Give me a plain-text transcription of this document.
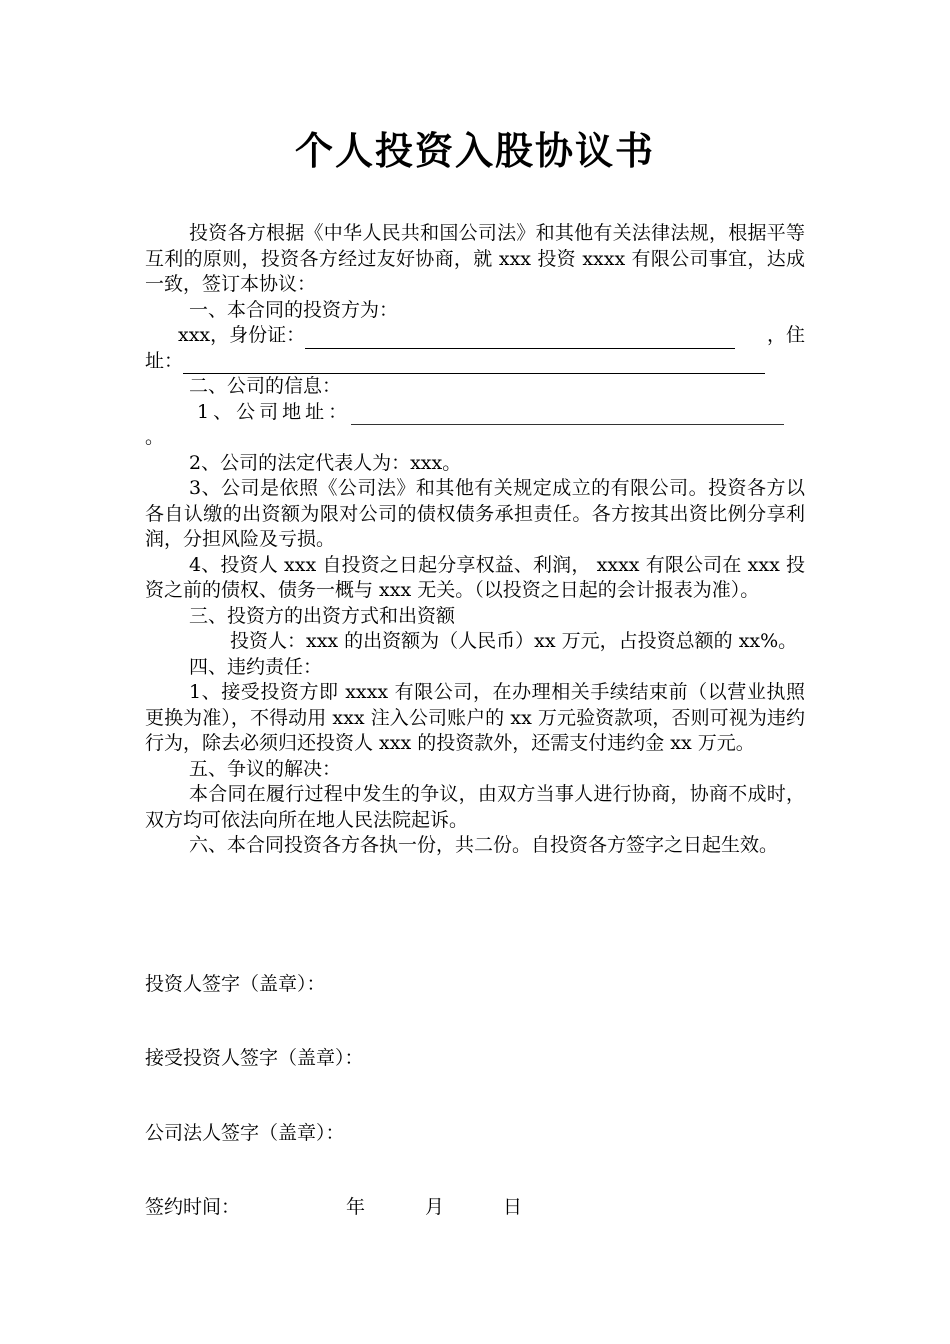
个人投资入股协议书

投资各方根据《中华人民共和国公司法》和其他有关法律法规，根据平等互利的原则，投资各方经过友好协商，就 xxx 投资 xxxx 有限公司事宜，达成一致，签订本协议：

一、本合同的投资方为：

xxx，身份证：	，住
址：

二、公司的信息：

1、公司地址：

。

2、公司的法定代表人为：xxx。

3、公司是依照《公司法》和其他有关规定成立的有限公司。投资各方以各自认缴的出资额为限对公司的债权债务承担责任。各方按其出资比例分享利润，分担风险及亏损。

4、投资人 xxx 自投资之日起分享权益、利润， xxxx 有限公司在 xxx 投资之前的债权、债务一概与 xxx 无关。（以投资之日起的会计报表为准）。

三、投资方的出资方式和出资额

投资人：xxx 的出资额为（人民币）xx 万元，占投资总额的 xx%。

四、违约责任：

1、接受投资方即 xxxx 有限公司，在办理相关手续结束前（以营业执照更换为准），不得动用 xxx 注入公司账户的 xx 万元验资款项，否则可视为违约行为，除去必须归还投资人 xxx 的投资款外，还需支付违约金 xx 万元。

五、争议的解决：

本合同在履行过程中发生的争议，由双方当事人进行协商，协商不成时，双方均可依法向所在地人民法院起诉。

六、本合同投资各方各执一份，共二份。自投资各方签字之日起生效。

投资人签字（盖章）：
接受投资人签字（盖章）：
公司法人签字（盖章）：
签约时间：	年	月	日
